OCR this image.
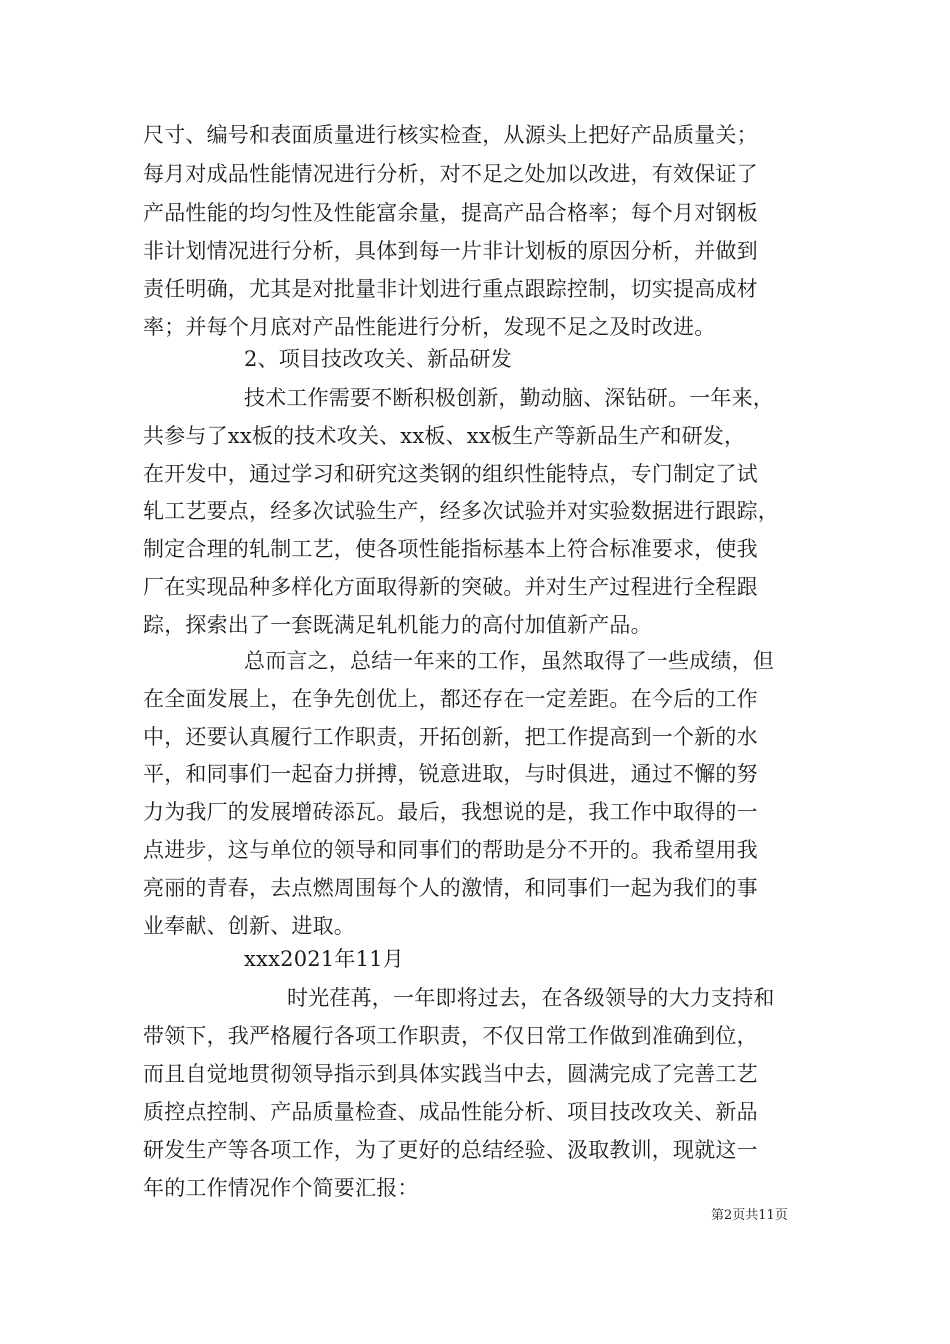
尺寸、编号和表面质量进行核实检查，从源头上把好产品质量关；
每月对成品性能情况进行分析，对不足之处加以改进，有效保证了
产品性能的均匀性及性能富余量，提高产品合格率；每个月对钢板
非计划情况进行分析，具体到每一片非计划板的原因分析，并做到
责任明确，尤其是对批量非计划进行重点跟踪控制，切实提高成材
率；并每个月底对产品性能进行分析，发现不足之及时改进。
2、项目技改攻关、新品研发
技术工作需要不断积极创新，勤动脑、深钻研。一年来，
共参与了xx板的技术攻关、xx板、xx板生产等新品生产和研发，
在开发中，通过学习和研究这类钢的组织性能特点，专门制定了试
轧工艺要点，经多次试验生产，经多次试验并对实验数据进行跟踪，
制定合理的轧制工艺，使各项性能指标基本上符合标准要求，使我
厂在实现品种多样化方面取得新的突破。并对生产过程进行全程跟
踪，探索出了一套既满足轧机能力的高付加值新产品。
总而言之，总结一年来的工作，虽然取得了一些成绩，但
在全面发展上，在争先创优上，都还存在一定差距。在今后的工作
中，还要认真履行工作职责，开拓创新，把工作提高到一个新的水
平，和同事们一起奋力拼搏，锐意进取，与时俱进，通过不懈的努
力为我厂的发展增砖添瓦。最后，我想说的是，我工作中取得的一
点进步，这与单位的领导和同事们的帮助是分不开的。我希望用我
亮丽的青春，去点燃周围每个人的激情，和同事们一起为我们的事
业奉献、创新、进取。
xxx2021年11月
时光荏苒，一年即将过去，在各级领导的大力支持和
带领下，我严格履行各项工作职责，不仅日常工作做到准确到位，
而且自觉地贯彻领导指示到具体实践当中去，圆满完成了完善工艺
质控点控制、产品质量检查、成品性能分析、项目技改攻关、新品
研发生产等各项工作，为了更好的总结经验、汲取教训，现就这一
年的工作情况作个简要汇报：
第2页共11页
